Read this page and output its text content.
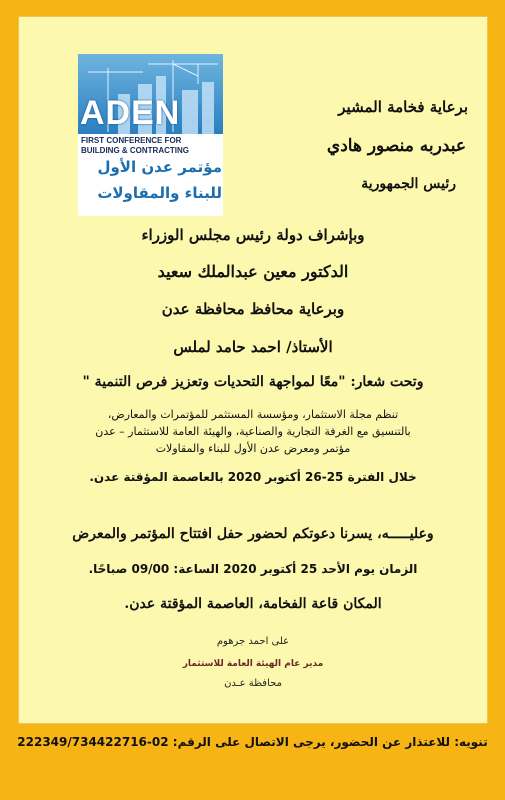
ADEN
FIRST CONFERENCE FOR
BUILDING & CONTRACTING
مؤتمر عدن الأول
للبناء والمقاولات
برعاية فخامة المشير
عبدربه منصور هادي
رئيس الجمهورية
وبإشراف دولة رئيس مجلس الوزراء
الدكتور معين عبدالملك سعيد
وبرعاية محافظ محافظة عدن
الأستاذ/ احمد حامد لملس
وتحت شعار: "معًا لمواجهة التحديات وتعزيز فرص التنمية "
تنظم مجلة الاستثمار، ومؤسسة المستثمر للمؤتمرات والمعارض،
بالتنسيق مع الغرفة التجارية والصناعية، والهيئة العامة للاستثمار – عدن
مؤتمر ومعرض عدن الأول للبناء والمقاولات
خلال الفترة 25-26 أكتوبر 2020 بالعاصمة المؤقتة عدن.
وعليـــــه، يسرنا دعوتكم لحضور حفل افتتاح المؤتمر والمعرض
الزمان يوم الأحد 25 أكتوبر 2020 الساعة: 09/00 صباحًا.
المكان قاعة الفخامة، العاصمة المؤقتة عدن.
على احمد جرهوم
مدير عام الهيئة العامة للاستثمار
محافظة عـدن
تنويه: للاعتذار عن الحضور، يرجى الاتصال على الرقم: 02-222349/734422716
